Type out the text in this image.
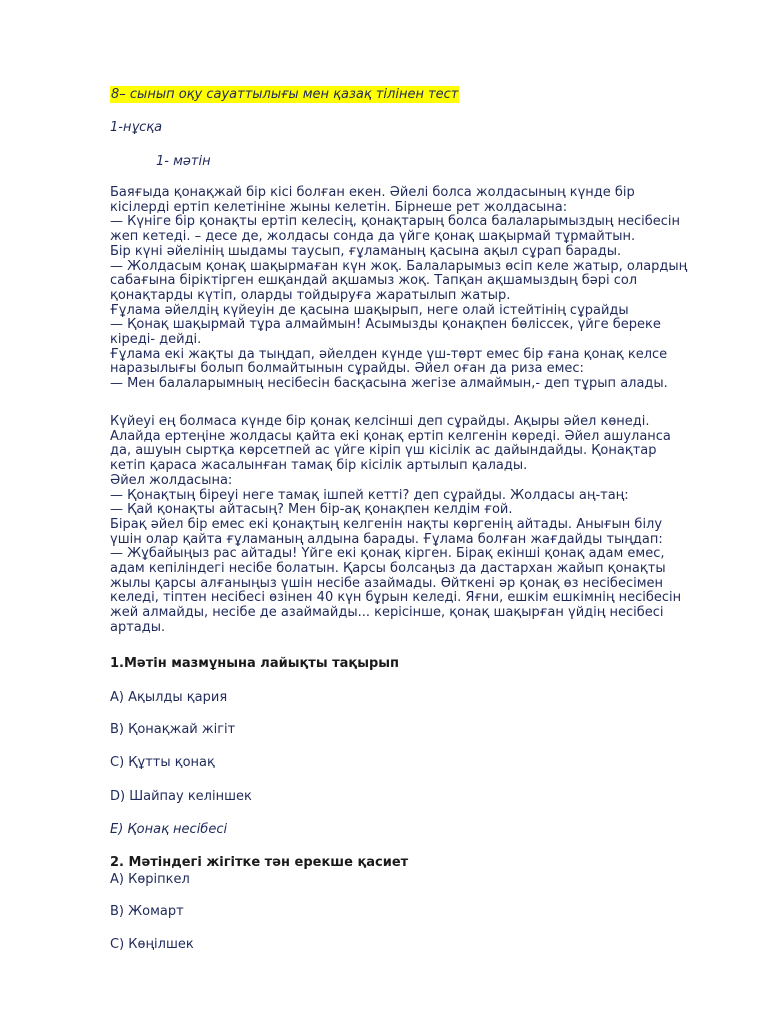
8– сынып оқу сауаттылығы мен қазақ тілінен тест
1-нұсқа
1- мәтін

Баяғыда қонақжай бір кісі болған екен. Әйелі болса жолдасының күнде бір

кісілерді ертіп келетініне жыны келетін. Бірнеше рет жолдасына:

— Күнiге бір қонақты ертіп келесің, қонақтарың болса балаларымыздың несібесін

жеп кетеді. – десе де, жолдасы сонда да үйге қонақ шақырмай тұрмайтын.

Бір күні әйелінің шыдамы таусып, ғұламаның қасына ақыл сұрап барады.

— Жолдасым қонақ шақырмаған күн жоқ. Балаларымыз өсіп келе жатыр, олардың

сабағына біріктірген ешқандай ақшамыз жоқ. Тапқан ақшамыздың бәрі сол

қонақтарды күтіп, оларды тойдыруға жаратылып жатыр.

Ғұлама әйелдің күйеуін де қасына шақырып, неге олай істейтінің сұрайды

— Қонақ шақырмай тұра алмаймын! Асымызды қонақпен бөліссек, үйге береке

кіреді- дейді.

Ғұлама екі жақты да тыңдап, әйелден күнде үш-төрт емес бір ғана қонақ келсе

наразылығы болып болмайтынын сұрайды. Әйел оған да риза емес:

— Мен балаларымның несібесін басқасына жегізе алмаймын,- деп тұрып алады.

Күйеуі ең болмаса күнде бір қонақ келсінші деп сұрайды. Ақыры әйел көнеді.

Алайда ертеңіне жолдасы қайта екі қонақ ертіп келгенін көреді. Әйел ашуланса

да, ашуын сыртқа көрсетпей ас үйге кіріп үш кісілік ас дайындайды. Қонақтар

кетіп қараса жасалынған тамақ бір кісілік артылып қалады.

Әйел жолдасына:

— Қонақтың біреуі неге тамақ ішпей кетті? деп сұрайды. Жолдасы аң-таң:

— Қай қонақты айтасың? Мен бір-ақ қонақпен келдім ғой.

Бірақ әйел бір емес екі қонақтың келгенін нақты көргенің айтады. Анығын білу

үшін олар қайта ғұламаның алдына барады. Ғұлама болған жағдайды тыңдап:

— Жұбайыңыз рас айтады! Үйге екі қонақ кірген. Бірақ екінші қонақ адам емес,

адам кепіліндегі несібе болатын. Қарсы болсаңыз да дастархан жайып қонақты

жылы қарсы алғаныңыз үшін несібе азаймады. Өйткені әр қонақ өз несібесімен

келеді, тіптен несібесі өзінен 40 күн бұрын келеді. Яғни, ешкім ешкімнің несібесін

жей алмайды, несібе де азаймайды... керісінше, қонақ шақырған үйдің несібесі

артады.

1.Мәтін мазмұнына лайықты тақырып
А) Ақылды қария
В) Қонақжай жігіт
С) Құтты қонақ
D) Шайпау келіншек
Е) Қонақ несібесі
2. Мәтіндегі жігітке тән ерекше қасиет
А) Көріпкел
В) Жомарт
С) Көңілшек
